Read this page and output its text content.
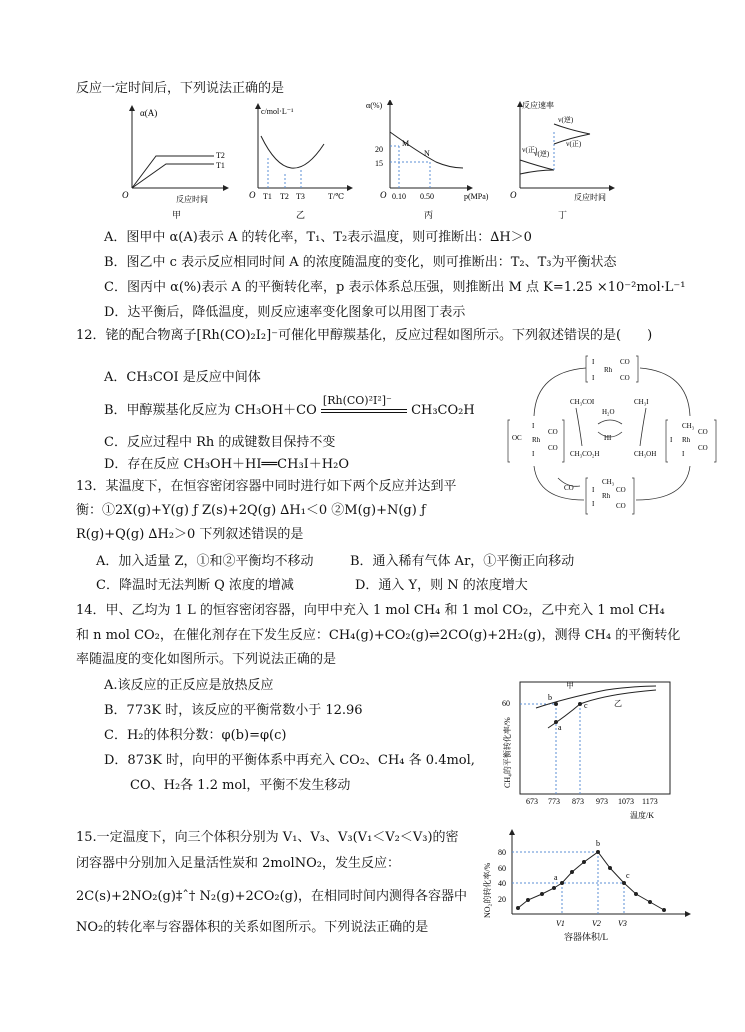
反应一定时间后，下列说法正确的是
α(A)
T2
T1
O	反应时间
甲
c/mol·L⁻¹
O T1 T2 T3	T/℃
乙
α(%)
20
15
M
N
O 0.10 0.50	p(MPa)
丙
反应速率
v(逆)
v(正)
v(逆)
v(正)
O	反应时间
丁
A．图甲中 α(A)表示 A 的转化率，T₁、T₂表示温度，则可推断出：∆H＞0
B．图乙中 c 表示反应相同时间 A 的浓度随温度的变化，则可推断出：T₂、T₃为平衡状态
C．图丙中 α(%)表示 A 的平衡转化率，p 表示体系总压强，则推断出 M 点 K=1.25 ×10⁻²mol·L⁻¹
D．达平衡后，降低温度，则反应速率变化图象可以用图丁表示
12．铑的配合物离子[Rh(CO)₂I₂]⁻可催化甲醇羰基化，反应过程如图所示。下列叙述错误的是(　　)
A．CH₃COI 是反应中间体
B．甲醇羰基化反应为 CH₃OH＋CO
[Rh(CO)²I²]⁻
CH₃CO₂H
C．反应过程中 Rh 的成键数目保持不变
D．存在反应 CH₃OH＋HI══CH₃I＋H₂O
I
Rh
CO
CO
I
OC Rh
CO
CO
I
I
CH₃
Rh
CO
CO
I
I
CH₃
Rh
I
I
CO
CO
CH₃COI
H₂O
CH₃I
HI
CH₃CO₂H	CH₃OH
CO
13．某温度下，在恒容密闭容器中同时进行如下两个反应并达到平
衡：①2X(g)+Y(g) ƒ Z(s)+2Q(g) ∆H₁＜0 ②M(g)+N(g) ƒ
R(g)+Q(g) ∆H₂＞0 下列叙述错误的是
A．加入适量 Z，①和②平衡均不移动	B．通入稀有气体 Ar，①平衡正向移动
C．降温时无法判断 Q 浓度的增减	D．通入 Y，则 N 的浓度增大
14．甲、乙均为 1 L 的恒容密闭容器，向甲中充入 1 mol CH₄ 和 1 mol CO₂，乙中充入 1 mol CH₄
和 n mol CO₂，在催化剂存在下发生反应：CH₄(g)+CO₂(g)⇌2CO(g)+2H₂(g)，测得 CH₄ 的平衡转化
率随温度的变化如图所示。下列说法正确的是
A.该反应的正反应是放热反应
B．773K 时，该反应的平衡常数小于 12.96
C．H₂的体积分数：φ(b)=φ(c)
D．873K 时，向甲的平衡体系中再充入 CO₂、CH₄ 各 0.4mol,
CO、H₂各 1.2 mol，平衡不发生移动	CH₄的平衡转化率/%
60
b
a
c
甲
乙
673 773 873 973 1073 1173
温度/K
15.一定温度下，向三个体积分别为 V₁、V₃、V₃(V₁＜V₂＜V₃)的密
闭容器中分别加入足量活性炭和 2molNO₂，发生反应：
2C(s)+2NO₂(g)‡ˆ† N₂(g)+2CO₂(g)，在相同时间内测得各容器中
NO₂的转化率与容器体积的关系如图所示。下列说法正确的是
NO₂的转化率/%
80
60
40
20
a
b
c
V1	V2 V3
容器体积/L
